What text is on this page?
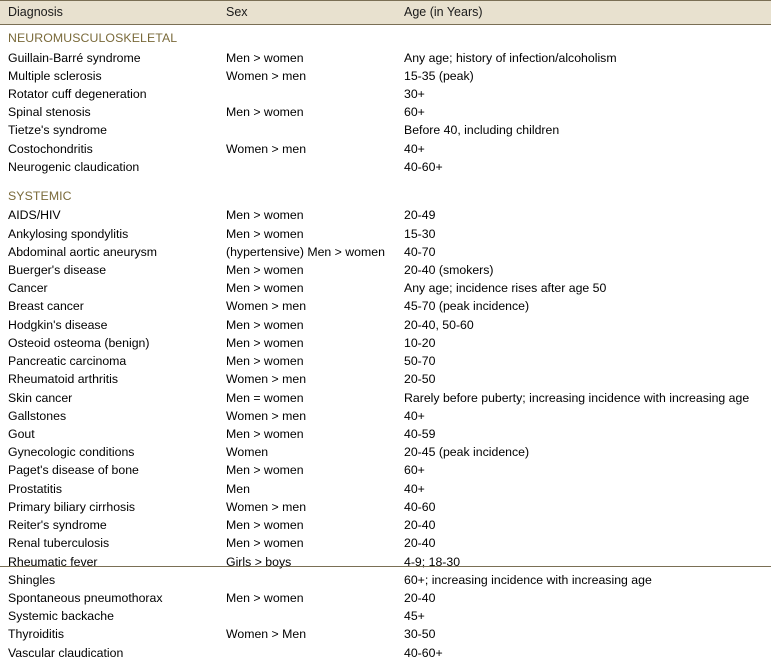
Diagnosis	Sex	Age (in Years)
NEUROMUSCULOSKELETAL		
Guillain-Barré syndrome	Men > women	Any age; history of infection/alcoholism
Multiple sclerosis	Women > men	15-35 (peak)
Rotator cuff degeneration		30+
Spinal stenosis	Men > women	60+
Tietze's syndrome		Before 40, including children
Costochondritis	Women > men	40+
Neurogenic claudication		40-60+

SYSTEMIC		
AIDS/HIV	Men > women	20-49
Ankylosing spondylitis	Men > women	15-30
Abdominal aortic aneurysm	(hypertensive) Men > women	40-70
Buerger's disease	Men > women	20-40 (smokers)
Cancer	Men > women	Any age; incidence rises after age 50
Breast cancer	Women > men	45-70 (peak incidence)
Hodgkin's disease	Men > women	20-40, 50-60
Osteoid osteoma (benign)	Men > women	10-20
Pancreatic carcinoma	Men > women	50-70
Rheumatoid arthritis	Women > men	20-50
Skin cancer	Men = women	Rarely before puberty; increasing incidence with increasing age
Gallstones	Women > men	40+
Gout	Men > women	40-59
Gynecologic conditions	Women	20-45 (peak incidence)
Paget's disease of bone	Men > women	60+
Prostatitis	Men	40+
Primary biliary cirrhosis	Women > men	40-60
Reiter's syndrome	Men > women	20-40
Renal tuberculosis	Men > women	20-40
Rheumatic fever	Girls > boys	4-9; 18-30
Shingles		60+; increasing incidence with increasing age
Spontaneous pneumothorax	Men > women	20-40
Systemic backache		45+
Thyroiditis	Women > Men	30-50
Vascular claudication		40-60+
